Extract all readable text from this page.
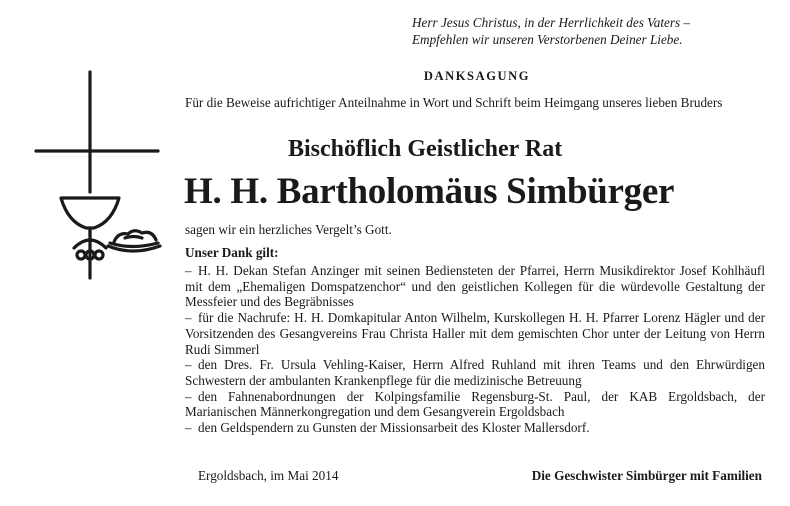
Herr Jesus Christus, in der Herrlichkeit des Vaters –
Empfehlen wir unseren Verstorbenen Deiner Liebe.
DANKSAGUNG
Für die Beweise aufrichtiger Anteilnahme in Wort und Schrift beim Heimgang unseres lieben Bruders
Bischöflich Geistlicher Rat
H. H. Bartholomäus Simbürger
sagen wir ein herzliches Vergelt’s Gott.
Unser Dank gilt:
– H. H. Dekan Stefan Anzinger mit seinen Bediensteten der Pfarrei, Herrn Musikdirektor Josef Kohlhäufl mit dem „Ehemaligen Domspatzenchor“ und den geistlichen Kollegen für die würdevolle Gestaltung der Messfeier und des Begräbnisses
– für die Nachrufe: H. H. Domkapitular Anton Wilhelm, Kurskollegen H. H. Pfarrer Lorenz Hägler und der Vorsitzenden des Gesangvereins Frau Christa Haller mit dem gemischten Chor unter der Leitung von Herrn Rudi Simmerl
– den Dres. Fr. Ursula Vehling-Kaiser, Herrn Alfred Ruhland mit ihren Teams und den Ehrwürdigen Schwestern der ambulanten Krankenpflege für die medizinische Betreuung
– den Fahnenabordnungen der Kolpingsfamilie Regensburg-St. Paul, der KAB Ergoldsbach, der Marianischen Männerkongregation und dem Gesangverein Ergoldsbach
– den Geldspendern zu Gunsten der Missionsarbeit des Kloster Mallersdorf.
Ergoldsbach, im Mai 2014	Die Geschwister Simbürger mit Familien
